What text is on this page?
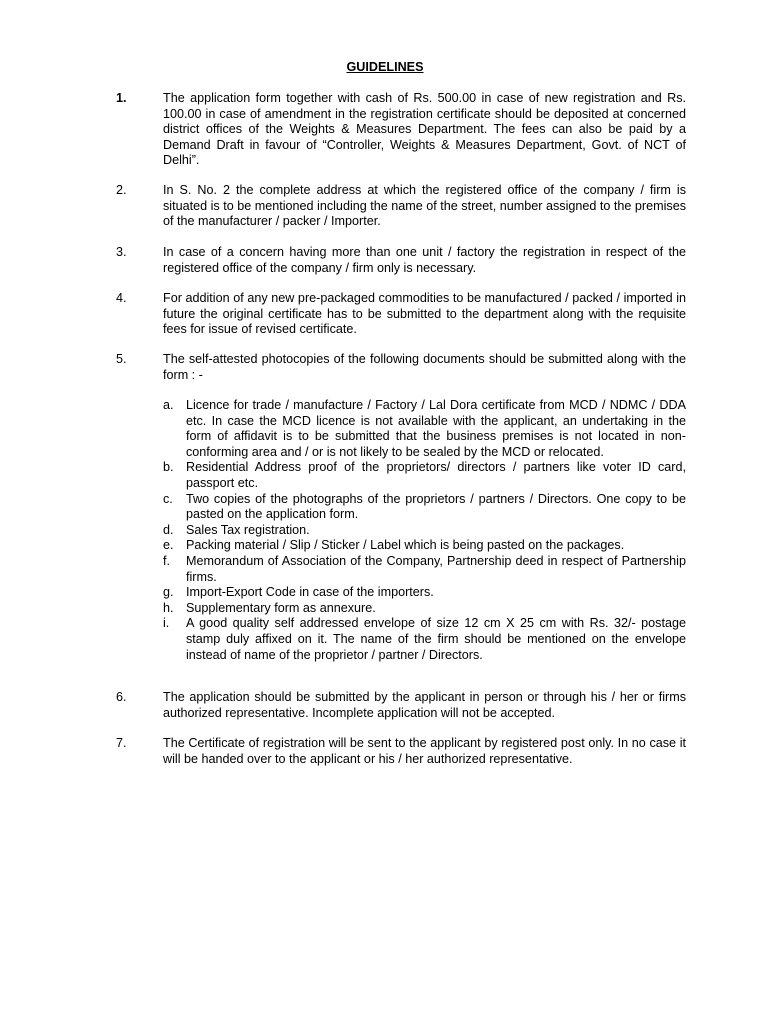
GUIDELINES
1.	The application form together with cash of Rs. 500.00 in case of new registration and Rs. 100.00 in case of amendment in the registration certificate should be deposited at concerned district offices of the Weights & Measures Department. The fees can also be paid by a Demand Draft in favour of “Controller, Weights & Measures Department, Govt. of NCT of Delhi”.
2.	In S. No. 2 the complete address at which the registered office of the company / firm is situated is to be mentioned including the name of the street, number assigned to the premises of the manufacturer / packer / Importer.
3.	In case of a concern having more than one unit / factory the registration in respect of the registered office of the company / firm only is necessary.
4.	For addition of any new pre-packaged commodities to be manufactured / packed / imported in future the original certificate has to be submitted to the department along with the requisite fees for issue of revised certificate.
5.	The self-attested photocopies of the following documents should be submitted along with the form : -
a. Licence for trade / manufacture / Factory / Lal Dora certificate from MCD / NDMC / DDA etc. In case the MCD licence is not available with the applicant, an undertaking in the form of affidavit is to be submitted that the business premises is not located in non-conforming area and / or is not likely to be sealed by the MCD or relocated.
b. Residential Address proof of the proprietors/ directors / partners like voter ID card, passport etc.
c.	Two copies of the photographs of the proprietors / partners / Directors. One copy to be pasted on the application form.
d. Sales Tax registration.
e. Packing material / Slip / Sticker / Label which is being pasted on the packages.
f.	Memorandum of Association of the Company, Partnership deed in respect of Partnership firms.
g. Import-Export Code in case of the importers.
h. Supplementary form as annexure.
i.	A good quality self addressed envelope of size 12 cm X 25 cm with Rs. 32/- postage stamp duly affixed on it. The name of the firm should be mentioned on the envelope instead of name of the proprietor / partner / Directors.
6.	The application should be submitted by the applicant in person or through his / her or firms authorized representative. Incomplete application will not be accepted.
7.	The Certificate of registration will be sent to the applicant by registered post only. In no case it will be handed over to the applicant or his / her authorized representative.
